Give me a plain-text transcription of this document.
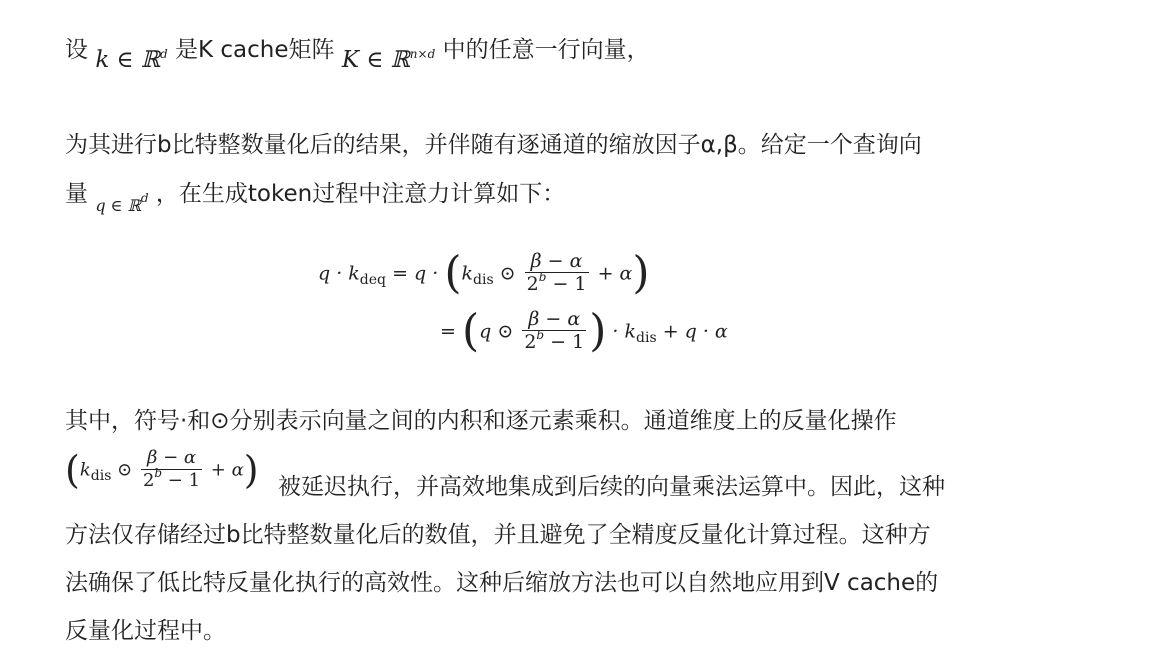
设 k ∈ ℝ$^d$ 是K cache矩阵 K ∈ ℝ$^{n\times d}$ 中的任意一行向量，
为其进行b比特整数量化后的结果，并伴随有逐通道的缩放因子α,β。给定一个查询向
量 $_{q \in ℝ^d}$ ，在生成token过程中注意力计算如下：
$q \cdot k_{deq} = q \cdot (k_{dis}$ ⊙ $\frac{\beta - \alpha}{2^b - 1} + \alpha$)
= (q ⊙ $\frac{\beta - \alpha}{2^b - 1}$ ) · $k_{dis} + q \cdot \alpha$
其中，符号·和⊙分别表示向量之间的内积和逐元素乘积。通道维度上的反量化操作
($k_{dis}$ ⊙ $\frac{\beta - \alpha}{2^b - 1} + \alpha$) 被延迟执行，并高效地集成到后续的向量乘法运算中。因此，这种
方法仅存储经过b比特整数量化后的数值，并且避免了全精度反量化计算过程。这种方
法确保了低比特反量化执行的高效性。这种后缩放方法也可以自然地应用到V cache的
反量化过程中。
